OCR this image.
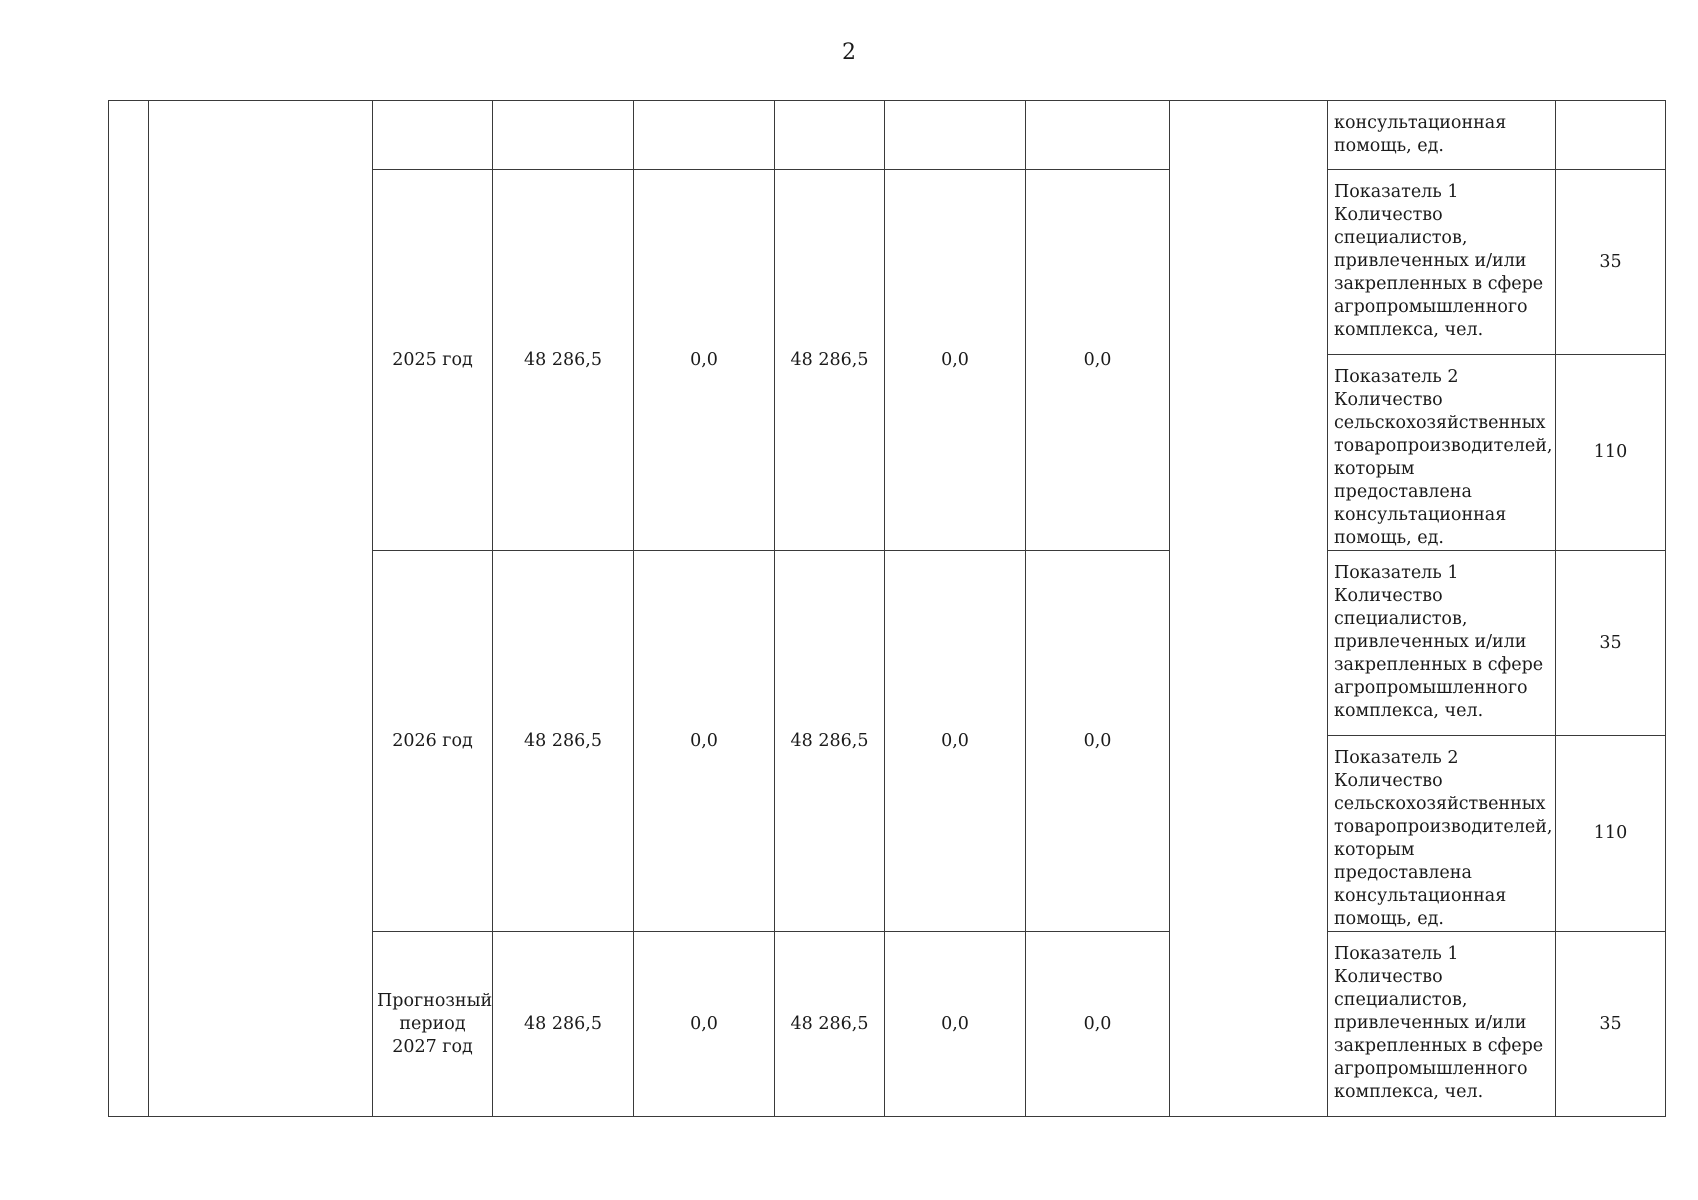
2
									консультационная помощь, ед.	
		2025 год	48 286,5	0,0	48 286,5	0,0	0,0		Показатель 1 Количество специалистов, привлеченных и/или закрепленных в сфере агропромышленного комплекса, чел.	35
									Показатель 2 Количество сельскохозяйственных товаропроизводителей, которым предоставлена консультационная помощь, ед.	110
		2026 год	48 286,5	0,0	48 286,5	0,0	0,0		Показатель 1 Количество специалистов, привлеченных и/или закрепленных в сфере агропромышленного комплекса, чел.	35
									Показатель 2 Количество сельскохозяйственных товаропроизводителей, которым предоставлена консультационная помощь, ед.	110
		Прогнозный период 2027 год	48 286,5	0,0	48 286,5	0,0	0,0		Показатель 1 Количество специалистов, привлеченных и/или закрепленных в сфере агропромышленного комплекса, чел.	35
